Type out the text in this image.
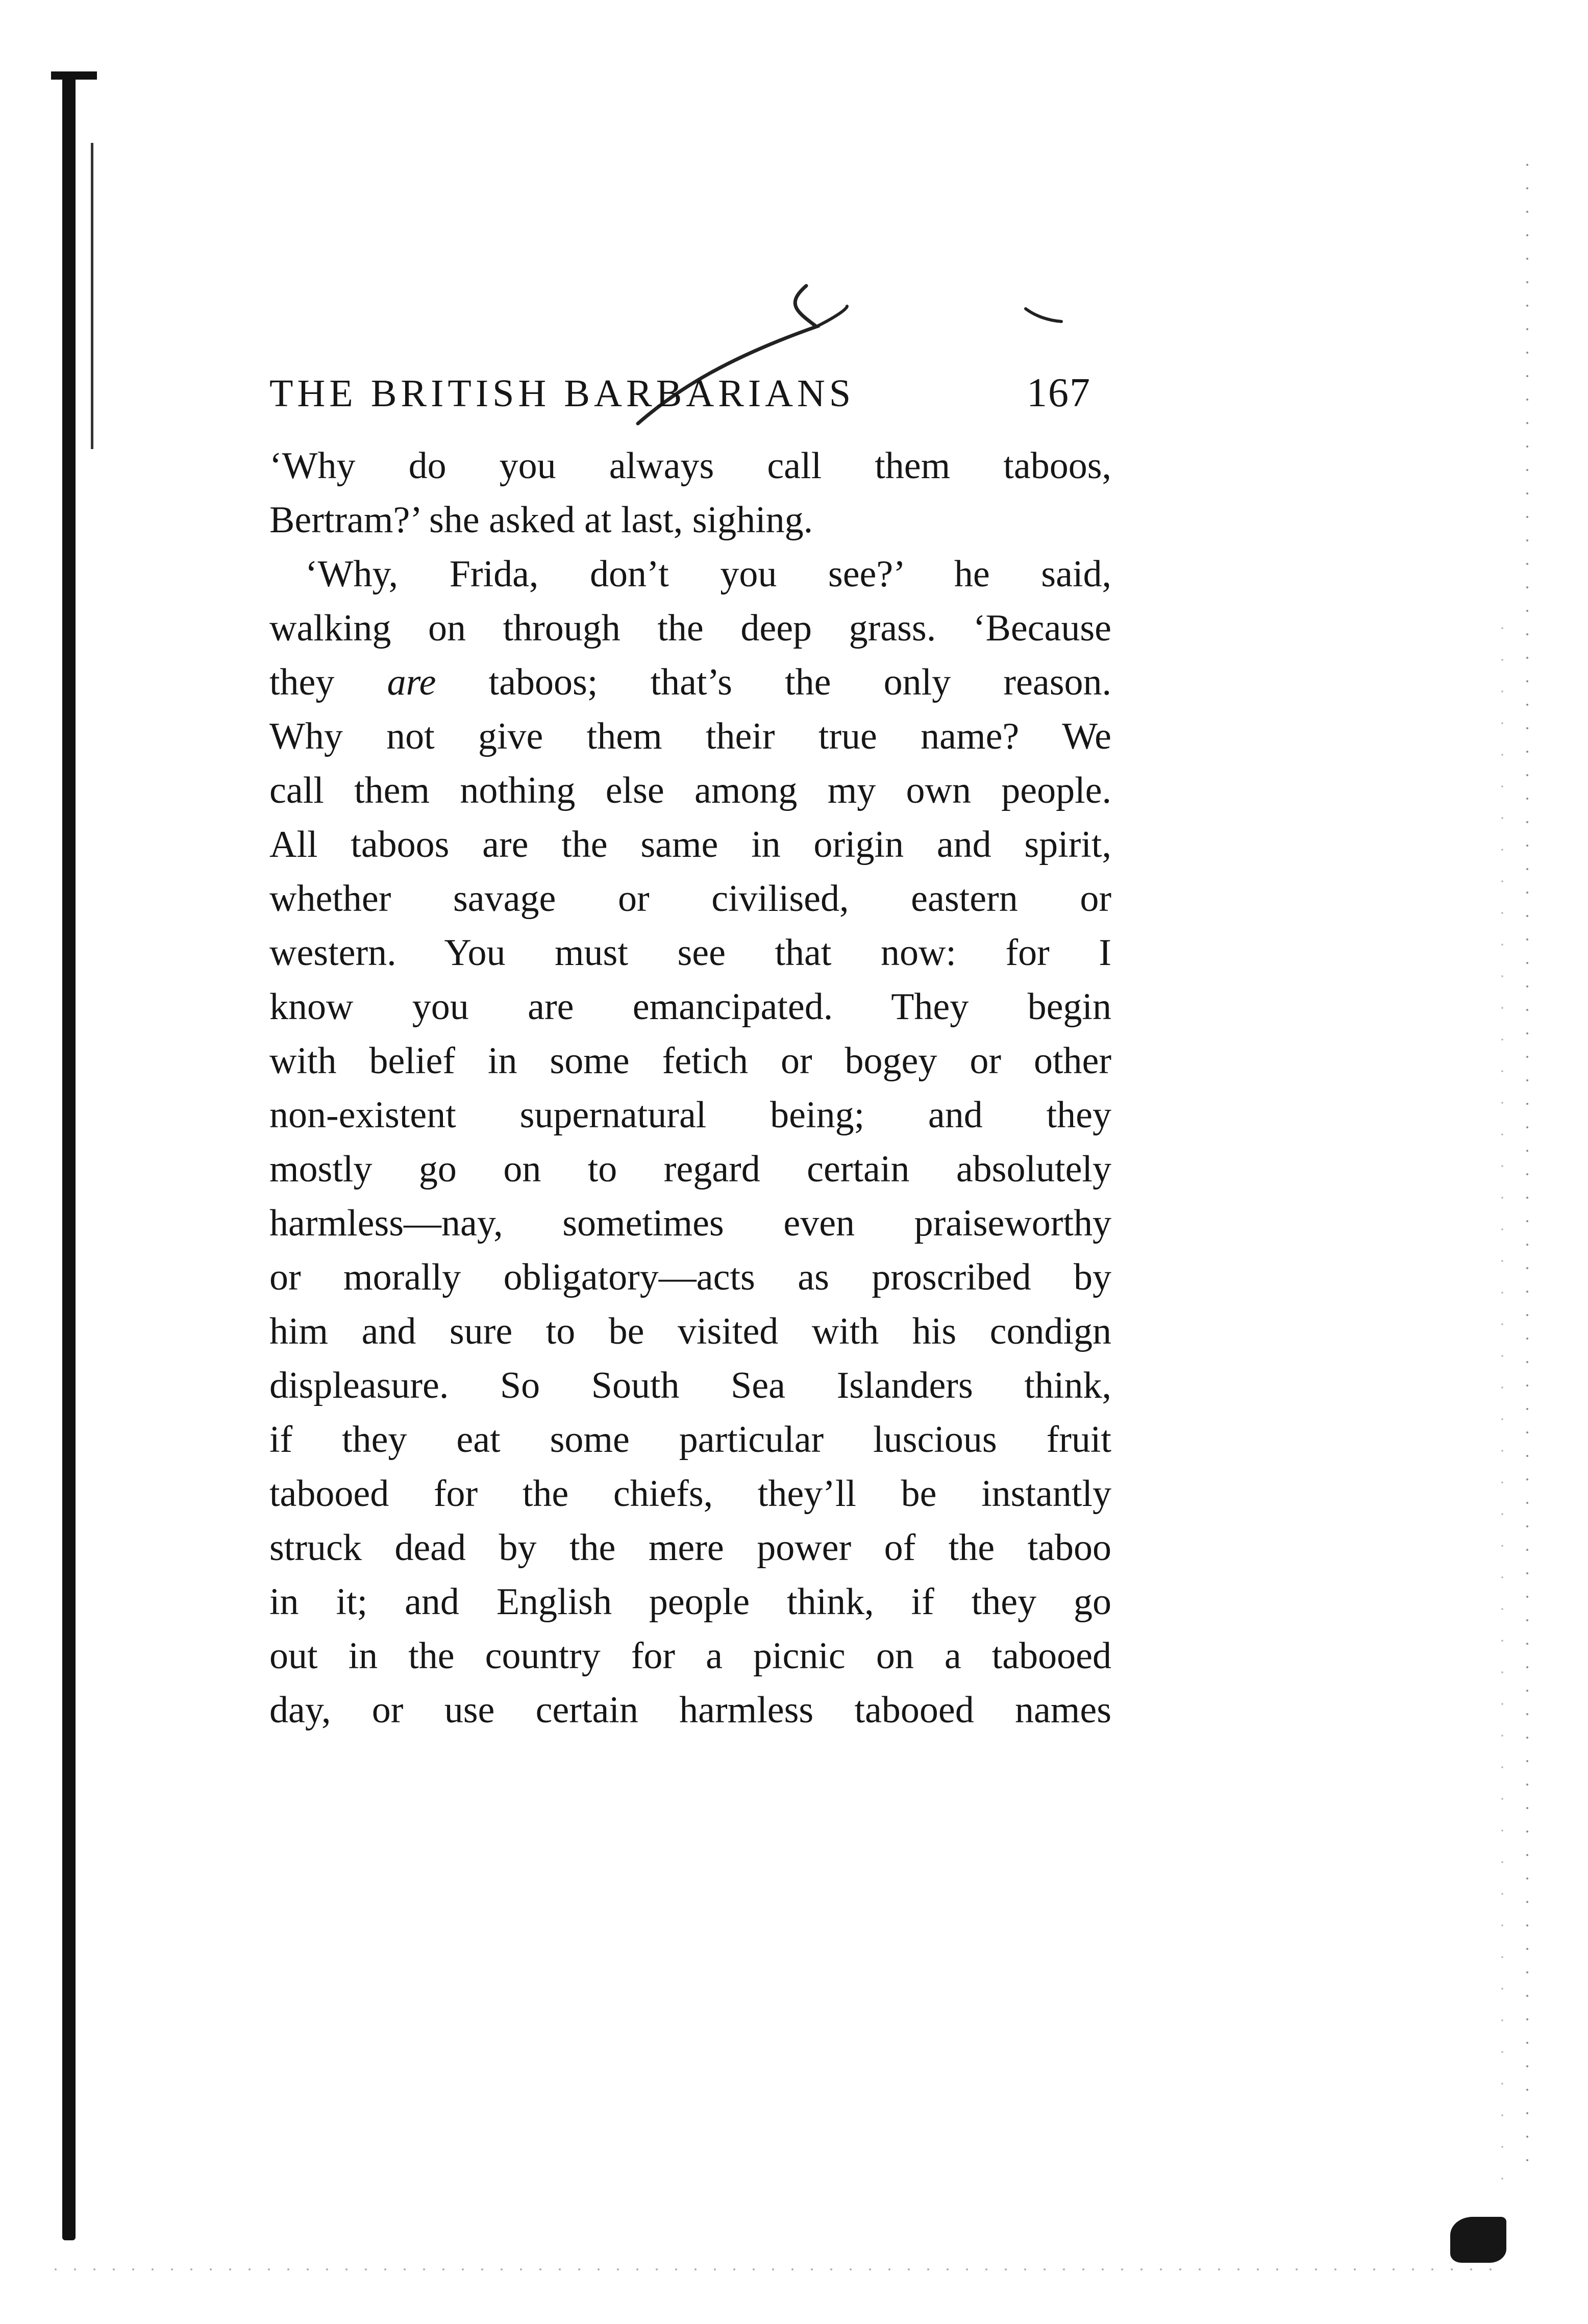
THE BRITISH BARBARIANS	167
‘Why do you always call them taboos,
Bertram?’ she asked at last, sighing.
‘Why, Frida, don’t you see?’ he said,
walking on through the deep grass. ‘Because
they are taboos; that’s the only reason.
Why not give them their true name? We
call them nothing else among my own people.
All taboos are the same in origin and spirit,
whether savage or civilised, eastern or
western. You must see that now: for I
know you are emancipated. They begin
with belief in some fetich or bogey or other
non-existent supernatural being; and they
mostly go on to regard certain absolutely
harmless—nay, sometimes even praiseworthy
or morally obligatory—acts as proscribed by
him and sure to be visited with his condign
displeasure. So South Sea Islanders think,
if they eat some particular luscious fruit
tabooed for the chiefs, they’ll be instantly
struck dead by the mere power of the taboo
in it; and English people think, if they go
out in the country for a picnic on a tabooed
day, or use certain harmless tabooed names
